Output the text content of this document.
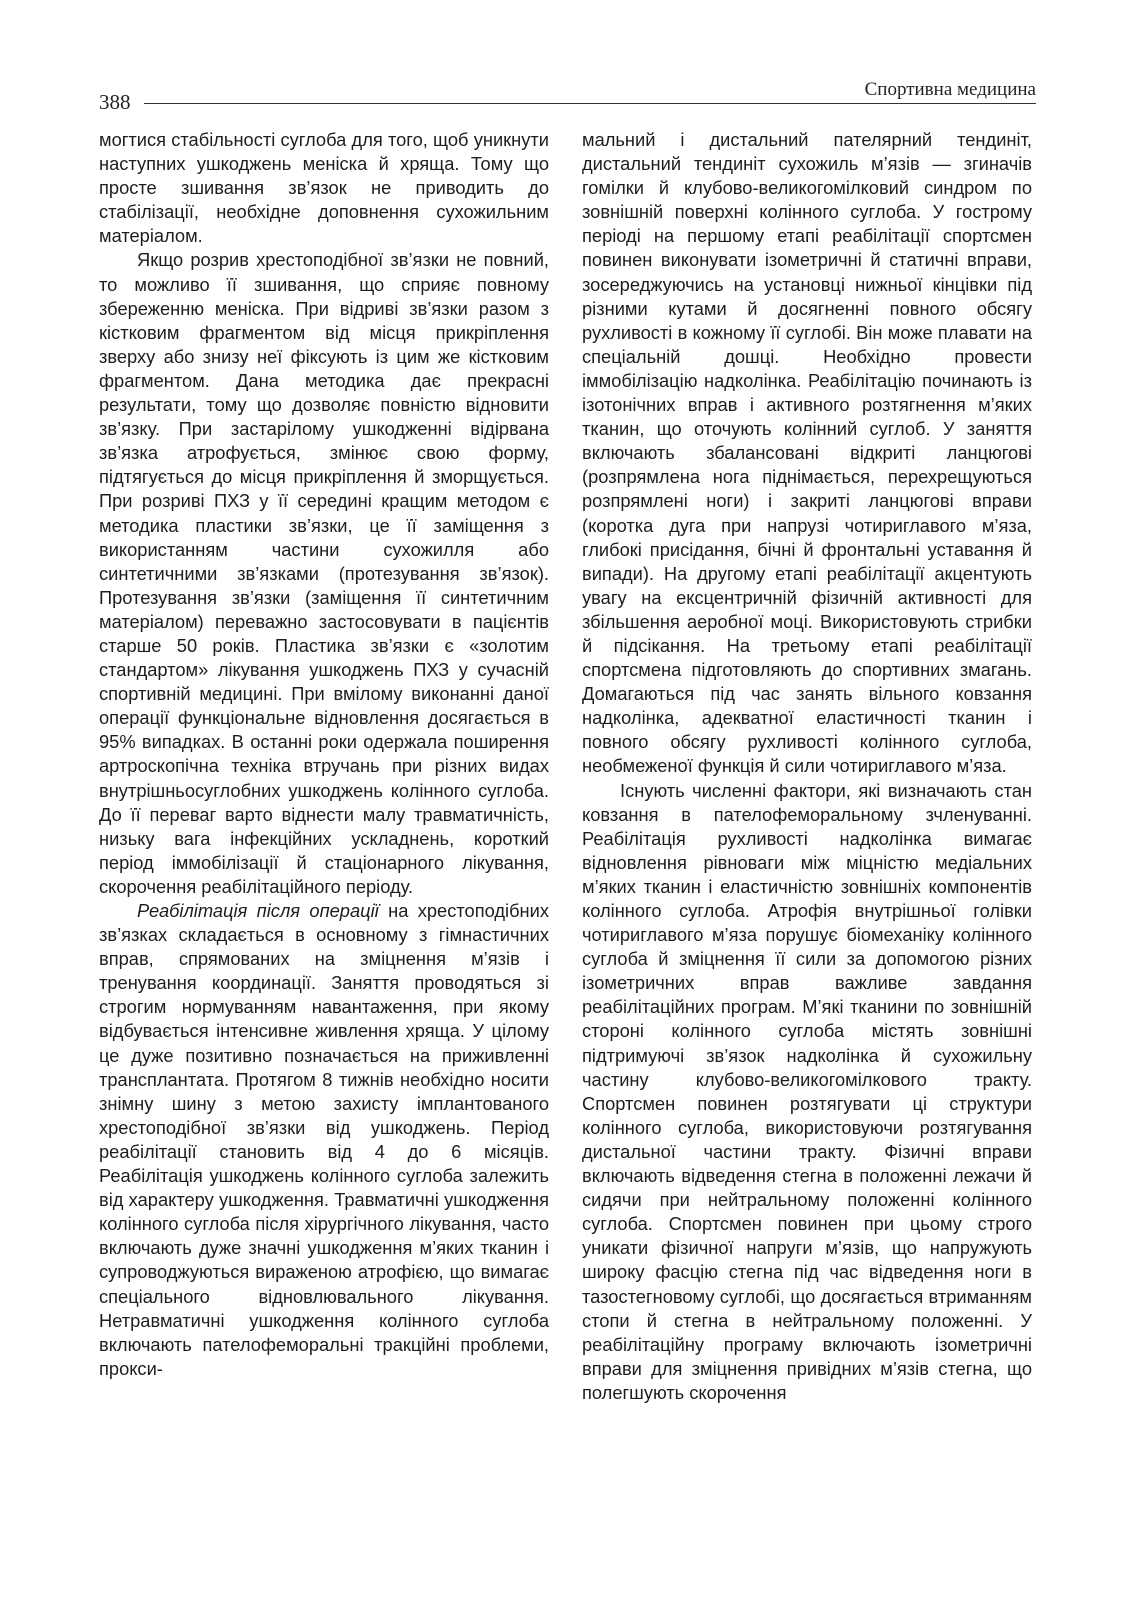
388
Спортивна медицина

могтися стабільності суглоба для того, щоб уникнути наступних ушкоджень меніска й хряща. Тому що просте зшивання зв’язок не приводить до стабілізації, необхідне доповнення сухожильним матеріалом.

Якщо розрив хрестоподібної зв’язки не повний, то можливо її зшивання, що сприяє повному збереженню меніска. При відриві зв’язки разом з кістковим фрагментом від місця прикріплення зверху або знизу неї фіксують із цим же кістковим фрагментом. Дана методика дає прекрасні результати, тому що дозволяє повністю відновити зв’язку. При застарілому ушкодженні відірвана зв’язка атрофується, змінює свою форму, підтягується до місця прикріплення й зморщується. При розриві ПХЗ у її середині кращим методом є методика пластики зв’язки, це її заміщення з використанням частини сухожилля або синтетичними зв’язками (протезування зв’язок). Протезування зв’язки (заміщення її синтетичним матеріалом) переважно застосовувати в пацієнтів старше 50 років. Пластика зв’язки є «золотим стандартом» лікування ушкоджень ПХЗ у сучасній спортивній медицині. При вмілому виконанні даної операції функціональне відновлення досягається в 95% випадках. В останні роки одержала поширення артроскопічна техніка втручань при різних видах внутрішньосуглобних ушкоджень колінного суглоба. До її переваг варто віднести малу травматичність, низьку вага інфекційних ускладнень, короткий період іммобілізації й стаціонарного лікування, скорочення реабілітаційного періоду.

Реабілітація після операції на хрестоподібних зв’язках складається в основному з гімнастичних вправ, спрямованих на зміцнення м’язів і тренування координації. Заняття проводяться зі строгим нормуванням навантаження, при якому відбувається інтенсивне живлення хряща. У цілому це дуже позитивно позначається на приживленні трансплантата. Протягом 8 тижнів необхідно носити знімну шину з метою захисту імплантованого хрестоподібної зв’язки від ушкоджень. Період реабілітації становить від 4 до 6 місяців. Реабілітація ушкоджень колінного суглоба залежить від характеру ушкодження. Травматичні ушкодження колінного суглоба після хірургічного лікування, часто включають дуже значні ушкодження м’яких тканин і супроводжуються вираженою атрофією, що вимагає спеціального відновлювального лікування. Нетравматичні ушкодження колінного суглоба включають пателофеморальні тракційні проблеми, прокси-

мальний і дистальний пателярний тендиніт, дистальний тендиніт сухожиль м’язів — згиначів гомілки й клубово-великогомілковий синдром по зовнішній поверхні колінного суглоба. У гострому періоді на першому етапі реабілітації спортсмен повинен виконувати ізометричні й статичні вправи, зосереджуючись на установці нижньої кінцівки під різними кутами й досягненні повного обсягу рухливості в кожному її суглобі. Він може плавати на спеціальній дошці. Необхідно провести іммобілізацію надколінка. Реабілітацію починають із ізотонічних вправ і активного розтягнення м’яких тканин, що оточують колінний суглоб. У заняття включають збалансовані відкриті ланцюгові (розпрямлена нога піднімається, перехрещуються розпрямлені ноги) і закриті ланцюгові вправи (коротка дуга при напрузі чотириглавого м’яза, глибокі присідання, бічні й фронтальні уставання й випади). На другому етапі реабілітації акцентують увагу на ексцентричній фізичній активності для збільшення аеробної моці. Використовують стрибки й підсікання. На третьому етапі реабілітації спортсмена підготовляють до спортивних змагань. Домагаються під час занять вільного ковзання надколінка, адекватної еластичності тканин і повного обсягу рухливості колінного суглоба, необмеженої функція й сили чотириглавого м’яза.

Існують численні фактори, які визначають стан ковзання в пателофеморальному зчленуванні. Реабілітація рухливості надколінка вимагає відновлення рівноваги між міцністю медіальних м’яких тканин і еластичністю зовнішніх компонентів колінного суглоба. Атрофія внутрішньої голівки чотириглавого м’яза порушує біомеханіку колінного суглоба й зміцнення її сили за допомогою різних ізометричних вправ важливе завдання реабілітаційних програм. М’які тканини по зовнішній стороні колінного суглоба містять зовнішні підтримуючі зв’язок надколінка й сухожильну частину клубово-великогомілкового тракту. Спортсмен повинен розтягувати ці структури колінного суглоба, використовуючи розтягування дистальної частини тракту. Фізичні вправи включають відведення стегна в положенні лежачи й сидячи при нейтральному положенні колінного суглоба. Спортсмен повинен при цьому строго уникати фізичної напруги м’язів, що напружують широку фасцію стегна під час відведення ноги в тазостегновому суглобі, що досягається втриманням стопи й стегна в нейтральному положенні. У реабілітаційну програму включають ізометричні вправи для зміцнення привідних м’язів стегна, що полегшують скорочення
